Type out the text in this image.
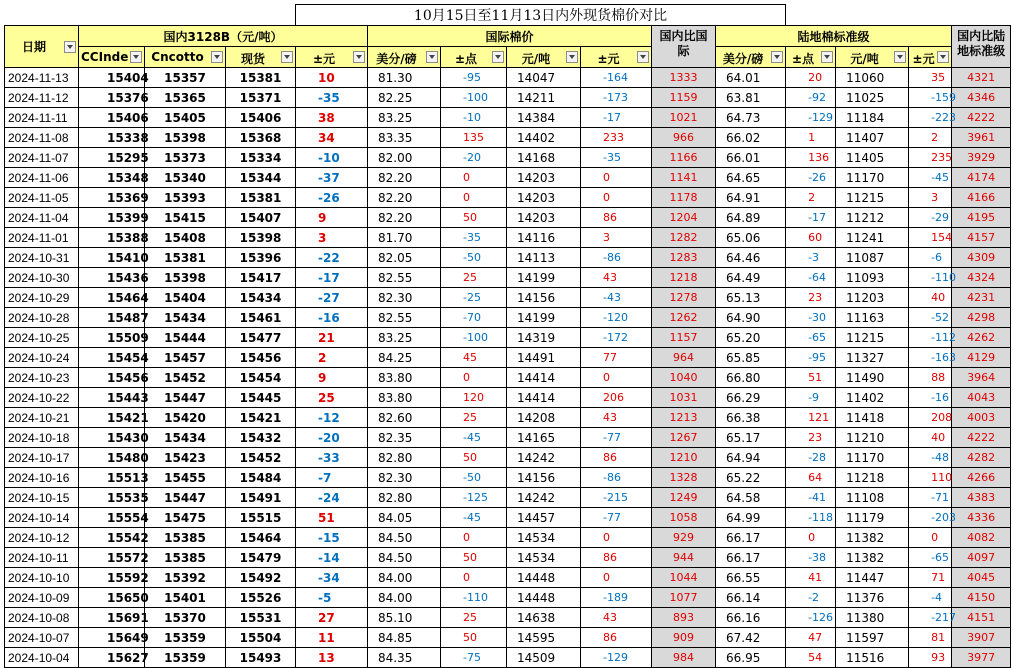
				10月15日至11月13日内外现货棉价对比										

日期	国内3128B（元/吨）				国际棉价				国内比国际	陆地棉标准级				国内比陆地标准级

	CCInde	Cncotto	现货	±元	美分/磅	±点	元/吨	±元		美分/磅	±点	元/吨	±元	

2024-11-13	15404	15357	15381	10	81.30	-95	14047	-164	1333	64.01	20	11060	35	4321
2024-11-12	15376	15365	15371	-35	82.25	-100	14211	-173	1159	63.81	-92	11025	-159	4346
2024-11-11	15406	15405	15406	38	83.25	-10	14384	-17	1021	64.73	-129	11184	-223	4222
2024-11-08	15338	15398	15368	34	83.35	135	14402	233	966	66.02	1	11407	2	3961
2024-11-07	15295	15373	15334	-10	82.00	-20	14168	-35	1166	66.01	136	11405	235	3929
2024-11-06	15348	15340	15344	-37	82.20	0	14203	0	1141	64.65	-26	11170	-45	4174
2024-11-05	15369	15393	15381	-26	82.20	0	14203	0	1178	64.91	2	11215	3	4166
2024-11-04	15399	15415	15407	9	82.20	50	14203	86	1204	64.89	-17	11212	-29	4195
2024-11-01	15388	15408	15398	3	81.70	-35	14116	3	1282	65.06	60	11241	154	4157
2024-10-31	15410	15381	15396	-22	82.05	-50	14113	-86	1283	64.46	-3	11087	-6	4309
2024-10-30	15436	15398	15417	-17	82.55	25	14199	43	1218	64.49	-64	11093	-110	4324
2024-10-29	15464	15404	15434	-27	82.30	-25	14156	-43	1278	65.13	23	11203	40	4231
2024-10-28	15487	15434	15461	-16	82.55	-70	14199	-120	1262	64.90	-30	11163	-52	4298
2024-10-25	15509	15444	15477	21	83.25	-100	14319	-172	1157	65.20	-65	11215	-112	4262
2024-10-24	15454	15457	15456	2	84.25	45	14491	77	964	65.85	-95	11327	-163	4129
2024-10-23	15456	15452	15454	9	83.80	0	14414	0	1040	66.80	51	11490	88	3964
2024-10-22	15443	15447	15445	25	83.80	120	14414	206	1031	66.29	-9	11402	-16	4043
2024-10-21	15421	15420	15421	-12	82.60	25	14208	43	1213	66.38	121	11418	208	4003
2024-10-18	15430	15434	15432	-20	82.35	-45	14165	-77	1267	65.17	23	11210	40	4222
2024-10-17	15480	15423	15452	-33	82.80	50	14242	86	1210	64.94	-28	11170	-48	4282
2024-10-16	15513	15455	15484	-7	82.30	-50	14156	-86	1328	65.22	64	11218	110	4266
2024-10-15	15535	15447	15491	-24	82.80	-125	14242	-215	1249	64.58	-41	11108	-71	4383
2024-10-14	15554	15475	15515	51	84.05	-45	14457	-77	1058	64.99	-118	11179	-203	4336
2024-10-12	15542	15385	15464	-15	84.50	0	14534	0	929	66.17	0	11382	0	4082
2024-10-11	15572	15385	15479	-14	84.50	50	14534	86	944	66.17	-38	11382	-65	4097
2024-10-10	15592	15392	15492	-34	84.00	0	14448	0	1044	66.55	41	11447	71	4045
2024-10-09	15650	15401	15526	-5	84.00	-110	14448	-189	1077	66.14	-2	11376	-4	4150
2024-10-08	15691	15370	15531	27	85.10	25	14638	43	893	66.16	-126	11380	-217	4151
2024-10-07	15649	15359	15504	11	84.85	50	14595	86	909	67.42	47	11597	81	3907
2024-10-04	15627	15359	15493	13	84.35	-75	14509	-129	984	66.95	54	11516	93	3977
